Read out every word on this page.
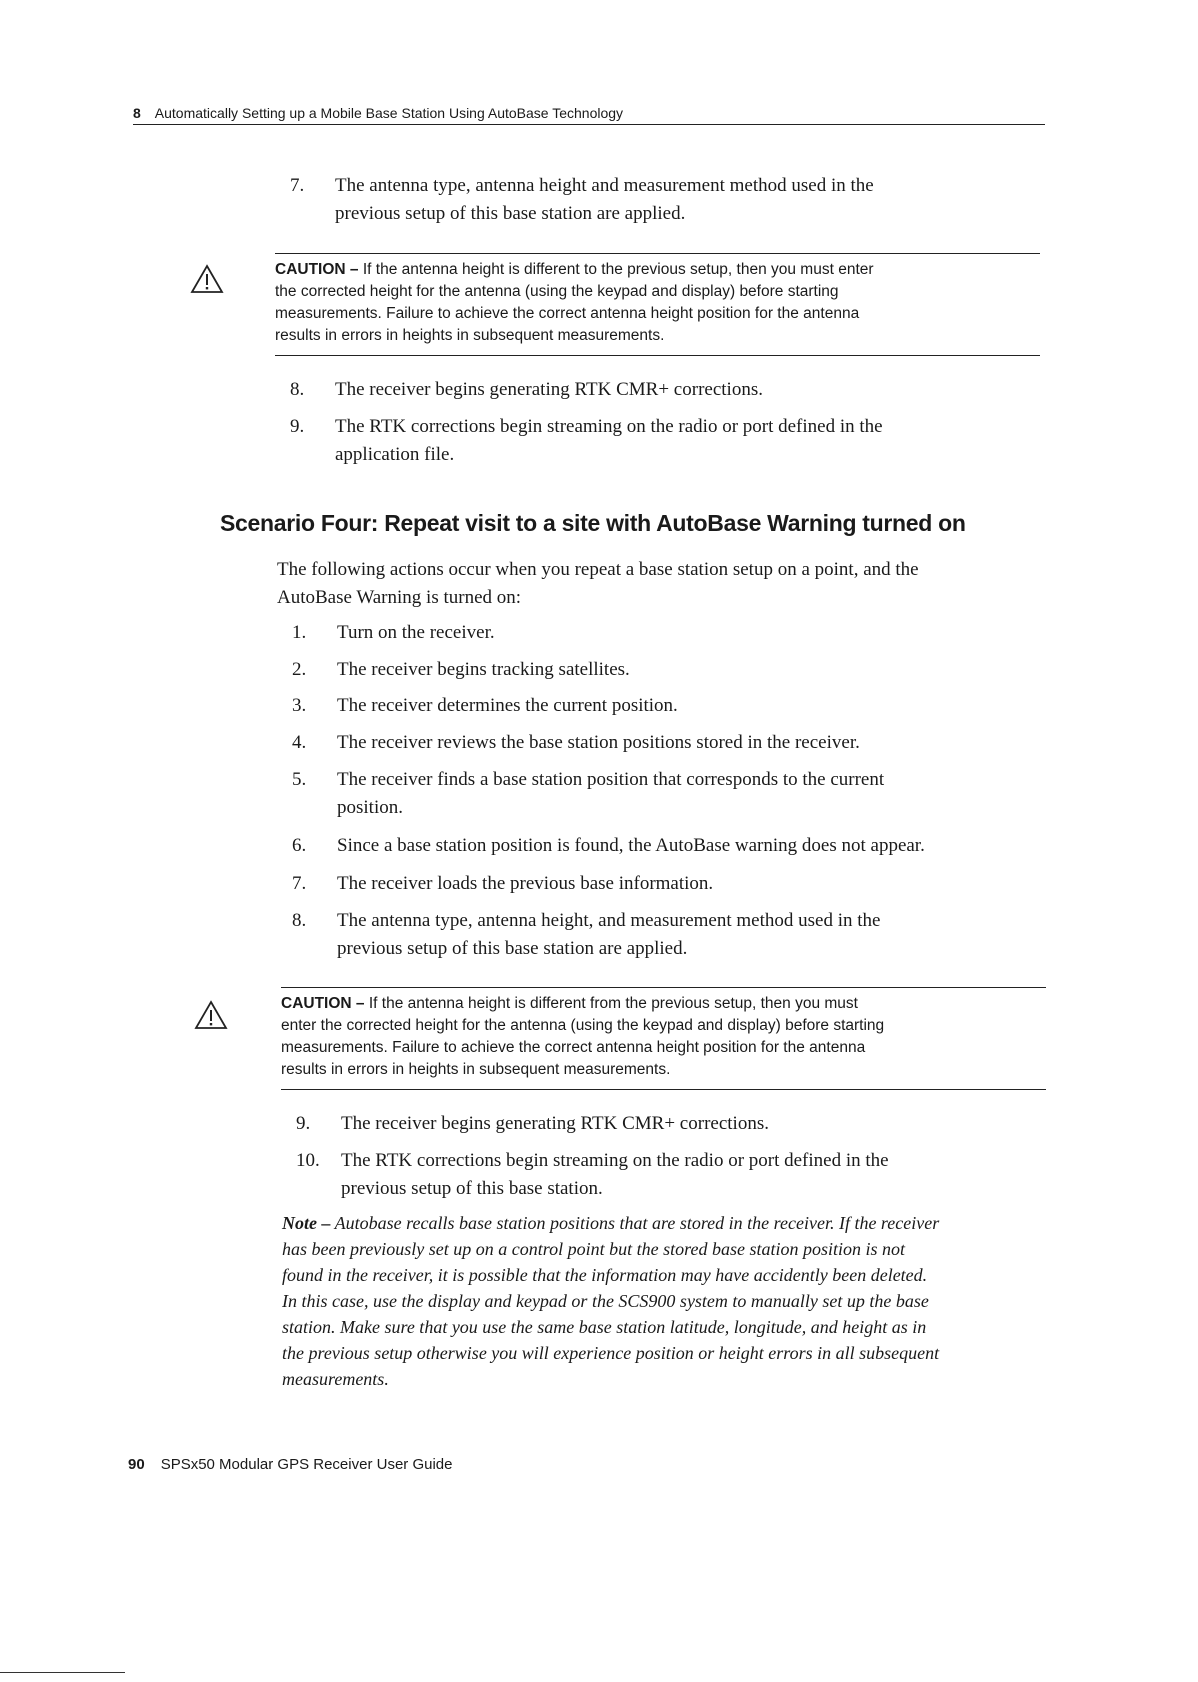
8 Automatically Setting up a Mobile Base Station Using AutoBase Technology
7. The antenna type, antenna height and measurement method used in the
previous setup of this base station are applied.
CAUTION – If the antenna height is different to the previous setup, then you must enter
the corrected height for the antenna (using the keypad and display) before starting
measurements. Failure to achieve the correct antenna height position for the antenna
results in errors in heights in subsequent measurements.
8. The receiver begins generating RTK CMR+ corrections.
9. The RTK corrections begin streaming on the radio or port defined in the
application file.
Scenario Four: Repeat visit to a site with AutoBase Warning turned on
The following actions occur when you repeat a base station setup on a point, and the
AutoBase Warning is turned on:
1. Turn on the receiver.
2. The receiver begins tracking satellites.
3. The receiver determines the current position.
4. The receiver reviews the base station positions stored in the receiver.
5. The receiver finds a base station position that corresponds to the current
position.
6. Since a base station position is found, the AutoBase warning does not appear.
7. The receiver loads the previous base information.
8. The antenna type, antenna height, and measurement method used in the
previous setup of this base station are applied.
CAUTION – If the antenna height is different from the previous setup, then you must
enter the corrected height for the antenna (using the keypad and display) before starting
measurements. Failure to achieve the correct antenna height position for the antenna
results in errors in heights in subsequent measurements.
9. The receiver begins generating RTK CMR+ corrections.
10. The RTK corrections begin streaming on the radio or port defined in the
previous setup of this base station.
Note – Autobase recalls base station positions that are stored in the receiver. If the receiver
has been previously set up on a control point but the stored base station position is not
found in the receiver, it is possible that the information may have accidently been deleted.
In this case, use the display and keypad or the SCS900 system to manually set up the base
station. Make sure that you use the same base station latitude, longitude, and height as in
the previous setup otherwise you will experience position or height errors in all subsequent
measurements.
90 SPSx50 Modular GPS Receiver User Guide
